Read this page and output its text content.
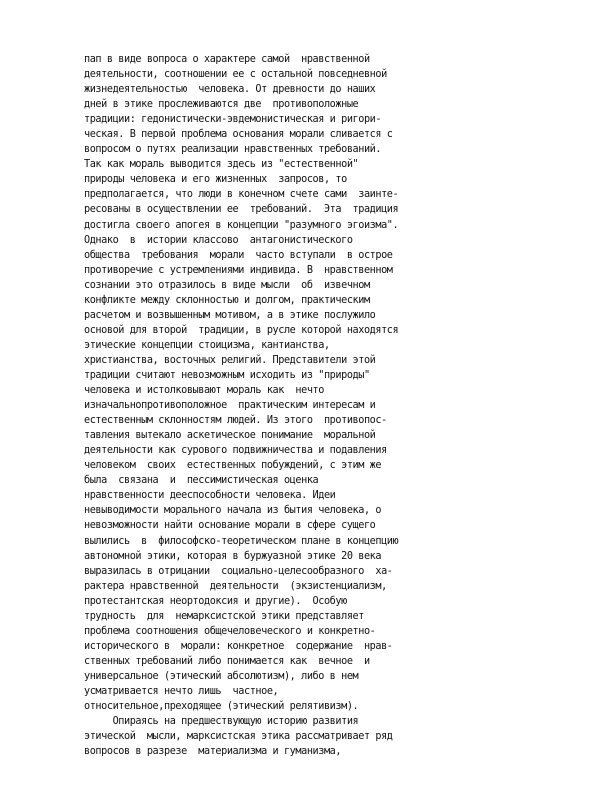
пап в виде вопроса о характере самой  нравственной
деятельности, соотношении ее с остальной повседневной
жизнедеятельностью  человека. От древности до наших
дней в этике прослеживаются две  противоположные
традиции: гедонистически-эвдемонистическая и ригори-
ческая. В первой проблема основания морали сливается с
вопросом о путях реализации нравственных требований.
Так как мораль выводится здесь из "естественной"
природы человека и его жизненных  запросов, то
предполагается, что люди в конечном счете сами  заинте-
ресованы в осуществлении ее  требований.  Эта  традиция
достигла своего апогея в концепции "разумного эгоизма".
Однако  в  истории классово  антагонистического
общества  требования  морали  часто вступали  в острое
противоречие с устремлениями индивида. В  нравственном
сознании это отразилось в виде мысли  об  извечном
конфликте между склонностью и долгом, практическим
расчетом и возвышенным мотивом, а в этике послужило
основой для второй  традиции, в русле которой находятся
этические концепции стоицизма, кантианства,
христианства, восточных религий. Представители этой
традиции считают невозможным исходить из "природы"
человека и истолковывают мораль как  нечто
изначальнопротивоположное  практическим интересам и
естественным склонностям людей. Из этого  противопос-
тавления вытекало аскетическое понимание  моральной
деятельности как сурового подвижничества и подавления
человеком  своих  естественных побуждений, с этим же
была  связана  и  пессимистическая оценка
нравственности дееспособности человека. Идеи
невыводимости морального начала из бытия человека, о
невозможности найти основание морали в сфере сущего
вылились  в  философско-теоретическом плане в концепцию
автономной этики, которая в буржуазной этике 20 века
выразилась в отрицании  социально-целесообразного  ха-
рактера нравственной  деятельности  (экзистенциализм,
протестантская неортодоксия и другие).  Особую
трудность  для  немарксистской этики представляет
проблема соотношения общечеловеческого и конкретно-
исторического в  морали: конкретное  содержание  нрав-
ственных требований либо понимается как  вечное  и
универсальное (этический абсолютизм), либо в нем
усматривается нечто лишь  частное,
относительное,преходящее (этический релятивизм).
Опираясь на предшествующую историю развития
этической  мысли, марксистская этика рассматривает ряд
вопросов в разрезе  материализма и гуманизма,
